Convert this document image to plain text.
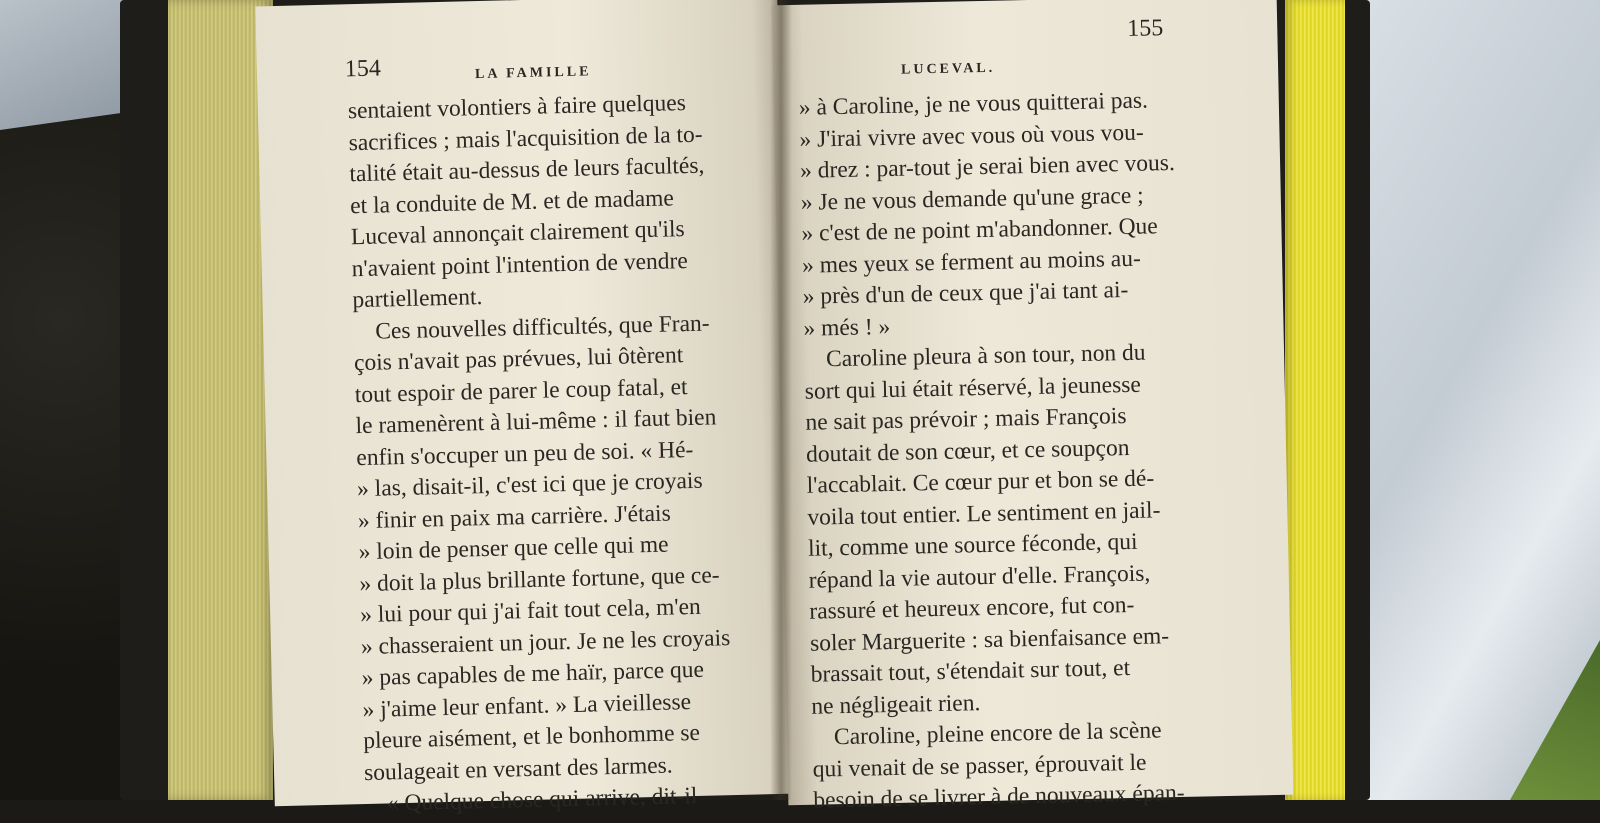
154	LA FAMILLE
sentaient volontiers à faire quelques
sacrifices ; mais l'acquisition de la to-
talité était au-dessus de leurs facultés,
et la conduite de M. et de madame
Luceval annonçait clairement qu'ils
n'avaient point l'intention de vendre
partiellement.
Ces nouvelles difficultés, que Fran-
çois n'avait pas prévues, lui ôtèrent
tout espoir de parer le coup fatal, et
le ramenèrent à lui-même : il faut bien
enfin s'occuper un peu de soi. « Hé-
» las, disait-il, c'est ici que je croyais
» finir en paix ma carrière. J'étais
» loin de penser que celle qui me
» doit la plus brillante fortune, que ce-
» lui pour qui j'ai fait tout cela, m'en
» chasseraient un jour. Je ne les croyais
» pas capables de me haïr, parce que
» j'aime leur enfant. » La vieillesse
pleure aisément, et le bonhomme se
soulageait en versant des larmes.
« Quelque chose qui arrive, dit-il
155
LUCEVAL.
» à Caroline, je ne vous quitterai pas.
» J'irai vivre avec vous où vous vou-
» drez : par-tout je serai bien avec vous.
» Je ne vous demande qu'une grace ;
» c'est de ne point m'abandonner. Que
» mes yeux se ferment au moins au-
» près d'un de ceux que j'ai tant ai-
» més ! »
Caroline pleura à son tour, non du
sort qui lui était réservé, la jeunesse
ne sait pas prévoir ; mais François
doutait de son cœur, et ce soupçon
l'accablait. Ce cœur pur et bon se dé-
voila tout entier. Le sentiment en jail-
lit, comme une source féconde, qui
répand la vie autour d'elle. François,
rassuré et heureux encore, fut con-
soler Marguerite : sa bienfaisance em-
brassait tout, s'étendait sur tout, et
ne négligeait rien.
Caroline, pleine encore de la scène
qui venait de se passer, éprouvait le
besoin de se livrer à de nouveaux épan-
